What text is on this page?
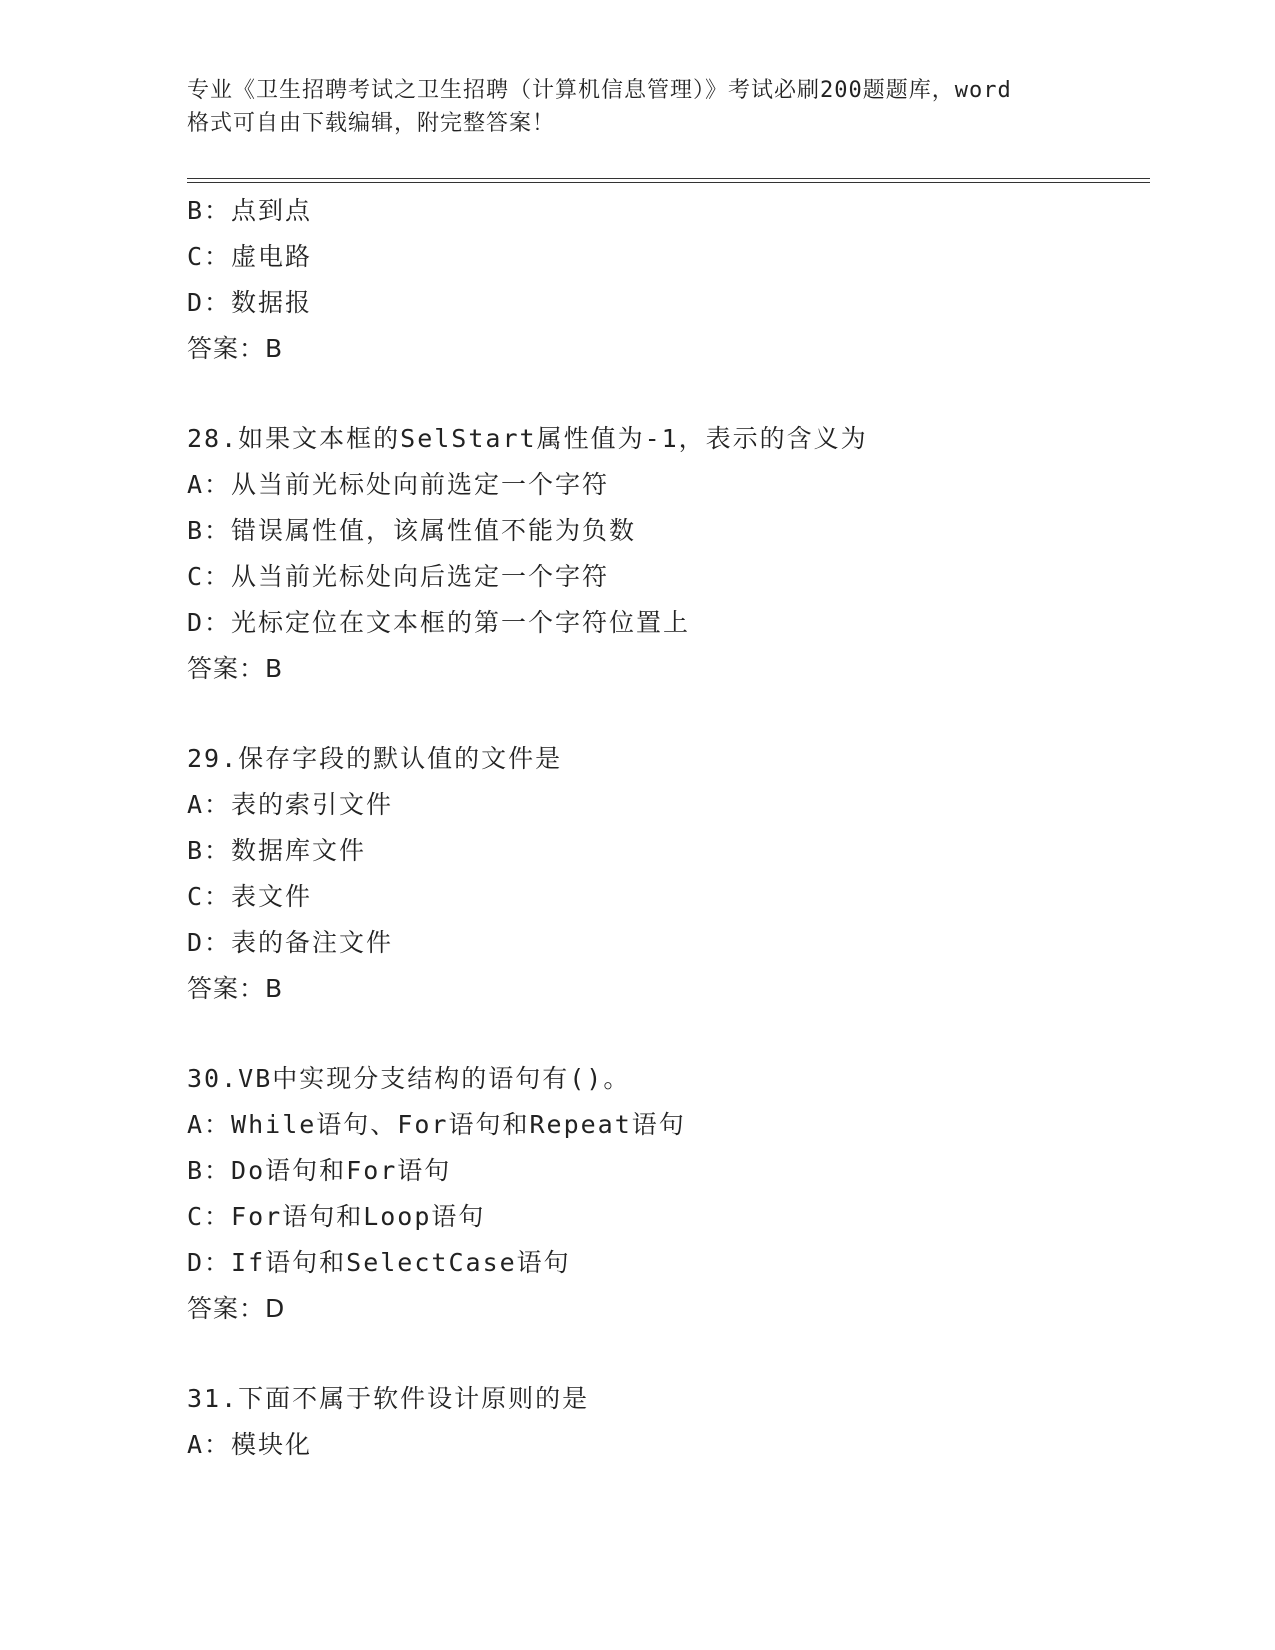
专业《卫生招聘考试之卫生招聘（计算机信息管理）》考试必刷200题题库，word
格式可自由下载编辑，附完整答案！
B：点到点
C：虚电路
D：数据报
答案：B
28.如果文本框的SelStart属性值为-1，表示的含义为
A：从当前光标处向前选定一个字符
B：错误属性值，该属性值不能为负数
C：从当前光标处向后选定一个字符
D：光标定位在文本框的第一个字符位置上
答案：B
29.保存字段的默认值的文件是
A：表的索引文件
B：数据库文件
C：表文件
D：表的备注文件
答案：B
30.VB中实现分支结构的语句有()。
A：While语句、For语句和Repeat语句
B：Do语句和For语句
C：For语句和Loop语句
D：If语句和SelectCase语句
答案：D
31.下面不属于软件设计原则的是
A：模块化
